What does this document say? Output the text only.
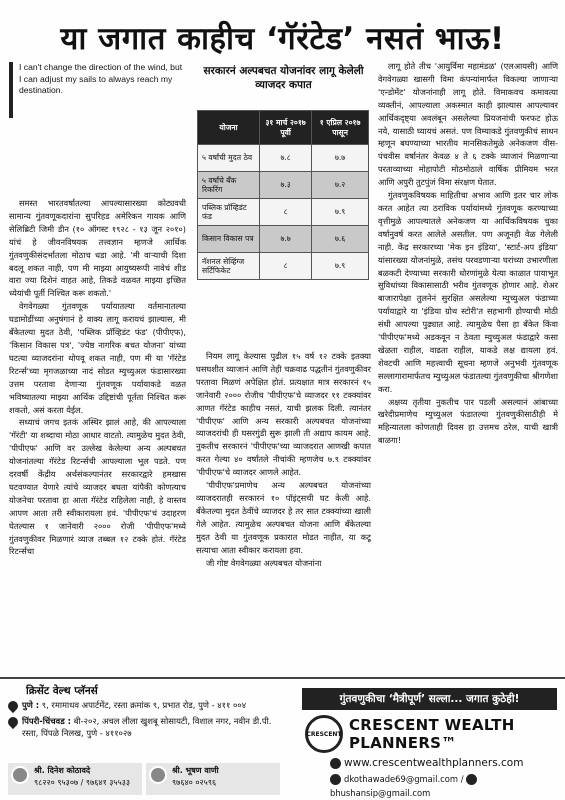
या जगात काहीच ‘गॅरंटेड’ नसतं भाऊ!
I can't change the direction of the wind, but I can adjust my sails to always reach my destination.

समस्त भारतवर्षातल्या आपल्यासारख्या कोट्यवधी सामान्य गुंतवणूकदारांना सुपरिहड अमेरिकन गायक आणि सेलिब्रिटी जिमी डीन (१० ऑगस्ट १९२८ - १३ जून २०१०) यांचं हे जीवनविषयक तत्त्वज्ञान म्हणजे आर्थिक गुंतवणुकीसंदर्भातला मोठाच धडा आहे. 'मी वाऱ्याची दिशा बदलू शकत नाही, पण मी माझ्या आयुष्यरूपी नावेचं शीड वारा ज्या दिशेनं वाहत आहे, तिकडे वळवत माझ्या इच्छित ध्येयांची पूर्ती निश्चित करू शकतो.'

वेगवेगळ्या गुंतवणूक पर्यायातल्या वर्तमानातल्या घडामोडींच्या अनुषंगानं हे वाक्य लागू करायचं झाल्यास, मी बँकेतल्या मुदत ठेवी, 'पब्लिक प्रॉव्हिडंट फंड' (पीपीएफ), 'किसान विकास पत्र', 'ज्येष्ठ नागरिक बचत योजना' यांच्या घटत्या व्याजदरांना थोपवू शकत नाही, पण मी या 'गॅरंटेड रिटर्न्स'च्या मृगजळाच्या नादं सोडत म्युच्युअल फंडासारख्या उत्तम परतावा देणाऱ्या गुंतवणूक पर्यायाकडे वळत भविष्यातल्या माझ्या आर्थिक उद्दिष्टांची पूर्तता निश्चित करू शकतो, असं करता येईल.

सध्याचं जगच इतकं अस्थिर झालं आहे, की आपल्याला 'गॅरंटी' या शब्दाचा मोठा आधार वाटतो. त्यामुळेच मुदत ठेवी, 'पीपीएफ' आणि वर उल्लेख केलेल्या अन्य अल्पबचत योजनांतल्या गॅरंटेड रिटर्न्सची आपल्याला भूल पडते. पण दरवर्षी केंद्रीय अर्थसंकल्पानंतर सरकारद्वारे हमखास घटवण्यात येणारे त्यांचे व्याजदर बघता यांपैकी कोणत्याच योजनेचा परतावा हा आता गॅरंटेड राहिलेला नाही, हे वास्तव आपण आता तरी स्वीकारायला हवं. 'पीपीएफ'चं उदाहरण घेतल्यास १ जानेवारी २००० रोजी 'पीपीएफ'मध्ये गुंतवणुकीवर मिळणारं व्याज तब्बल १२ टक्के होतं. गॅरंटेड रिटर्न्सचा

सरकारनं अल्पबचत योजनांवर लागू केलेली व्याजदर कपात
योजना	३१ मार्च २०१७ पूर्वी	१ एप्रिल २०१७ पासून
५ वर्षांची मुदत ठेव	७.८	७.७
५ वर्षांचे बँक रिकरिंग	७.३	७.२
पब्लिक प्रॉव्हिडंट फंड	८	७.९
किसान विकास पत्र	७.७	७.६
नॅशनल सेव्हिंग्ज सर्टिफिकेट	८	७.९

नियम लागू केल्यास पुढील १५ वर्ष १२ टक्के इतक्या घसघशीत व्याजानं आणि तेही चक्रवाढ पद्धतीनं गुंतवणुकीवर परतावा मिळणं अपेक्षित होतं. प्रत्यक्षात मात्र सरकारनं १५ जानेवारी २००० रोजीच 'पीपीएफ'चे व्याजदर ११ टक्क्यांवर आणत गॅरंटेड काहीच नसतं, याची झलक दिली. त्यानंतर 'पीपीएफ' आणि अन्य सरकारी अल्पबचत योजनांच्या व्याजदरांची ही घसरगुंडी सुरू झाली ती अद्याप कायम आहे. नुकतीच सरकारनं 'पीपीएफ'च्या व्याजदरात आणखी कपात करत गेल्या ४० वर्षांतले नीचांकी म्हणजेच ७.९ टक्क्यांवर 'पीपीएफ'चे व्याजदर आणले आहेत.

'पीपीएफ'प्रमाणेच अन्य अल्पबचत योजनांच्या व्याजदरातही सरकारनं १० पॉइंट्सची घट केली आहे. बँकेतल्या मुदत ठेवींचे व्याजदर हे तर सात टक्क्यांच्या खाली गेले आहेत. त्यामुळेच अल्पबचत योजना आणि बँकेतल्या मुदत ठेवी या गुंतवणूक प्रकारात मोडत नाहीत, या कटू सत्याचा आता स्वीकार करायला हवा.

जी गोष्ट वेगवेगळ्या अल्पबचत योजनांना

लागू होते तीच 'आयुर्विमा महामंडळ' (एलआयसी) आणि वेगवेगळ्या खासगी विमा कंपन्यांमार्फत विकल्या जाणाऱ्या 'एन्डोमेंट' योजनांनाही लागू होते. विमाकवच कमावत्या व्यक्तीनं, आपल्याला अकस्मात काही झाल्यास आपल्यावर आर्थिकदृष्ट्या अवलंबून असलेल्या प्रियजनांची फरफट होऊ नये, यासाठी घ्यायचं असतं. पण विम्याकडे गुंतवणुकीचं साधन म्हणून बघण्याच्या भारतीय मानसिकतेमुळे अनेकजण वीस-पंचवीस वर्षानंतर केवळ ४ ते ६ टक्के व्याजानं मिळणाऱ्या परताव्याच्या मोहापोटी मोठमोठाले वार्षिक प्रीमियम भरत आणि अपुरी तुटपुंजं विमा संरक्षण घेतात.

गुंतवणुकविषयक माहितीचा अभाव आणि इतर चार लोक करत आहेत त्या ठराविक पर्यायांमध्ये गुंतवणूक करण्याच्या वृत्तीमुळे आपल्यातले अनेकजण या आर्थिकविषयक चुका वर्षानुवर्ष करत आलेले असतील. पण अजूनही वेळ गेलेली नाही. केंद्र सरकारच्या 'मेक इन इंडिया', 'स्टार्ट-अप इंडिया' यांसारख्या योजनांमुळे, तसंच परवडणाऱ्या घरांच्या उभारणीला बळकटी देण्याच्या सरकारी धोरणांमुळे येत्या काळात पायाभूत सुविधांच्या विकासासाठी भरीव गुंतवणूक होणार आहे. शेअर बाजारापेक्षा तुलनेनं सुरक्षित असलेल्या म्युच्युअल फंडाच्या पर्यायाद्वारे या 'इंडिया ग्रोथ स्टोरी'त सहभागी होण्याची मोठी संधी आपल्या पुढ्यात आहे. त्यामुळेच पैसा हा बँकेत किंवा 'पीपीएफ'मध्ये अडकवून न ठेवता म्युच्युअल फंडाद्वारे कसा खेळता राहील, वाढता राहील, याकडे लक्ष द्यायला हवं. शेवटची आणि महत्त्वाची सूचना म्हणजे अनुभवी गुंतवणूक सल्लागारामार्फतच म्युच्युअल फंडातल्या गुंतवणुकीचा श्रीगणेशा करा.

अक्षय्य तृतीया नुकतीच पार पडली असल्यानं आंबाच्या खरेदीप्रमाणेच म्युच्युअल फंडातल्या गुंतवणुकीसाठीही मे महिन्यातला कोणताही दिवस हा उत्तमच ठरेल, याची खात्री बाळगा!

क्रिसेंट वेल्थ प्लॅनर्स
पुणे : ९, रमामाधव अपार्टमेंट, रस्ता क्रमांक ९, प्रभात रोड, पुणे - ४११ ००४
पिंपरी-चिंचवड : बी-२०२, अचल लीला खुशबू सोसायटी, विशाल नगर, नवीन डी.पी. रस्ता, पिंपळे निलख, पुणे - ४११०२७
श्री. दिनेश कोठावदे
९८२२० ९५३०७ / ९७६४१ ३५५३३
श्री. भूषण वाणी
९७६४० ०२५९६
गुंतवणुकीचा ‘मैत्रीपूर्ण’ सल्ला... जगात कुठेही!
CRESCENT CRESCENT WEALTH PLANNERS™
www.crescentwealthplanners.com
dkothawade69@gmail.com / bhushansip@gmail.com
